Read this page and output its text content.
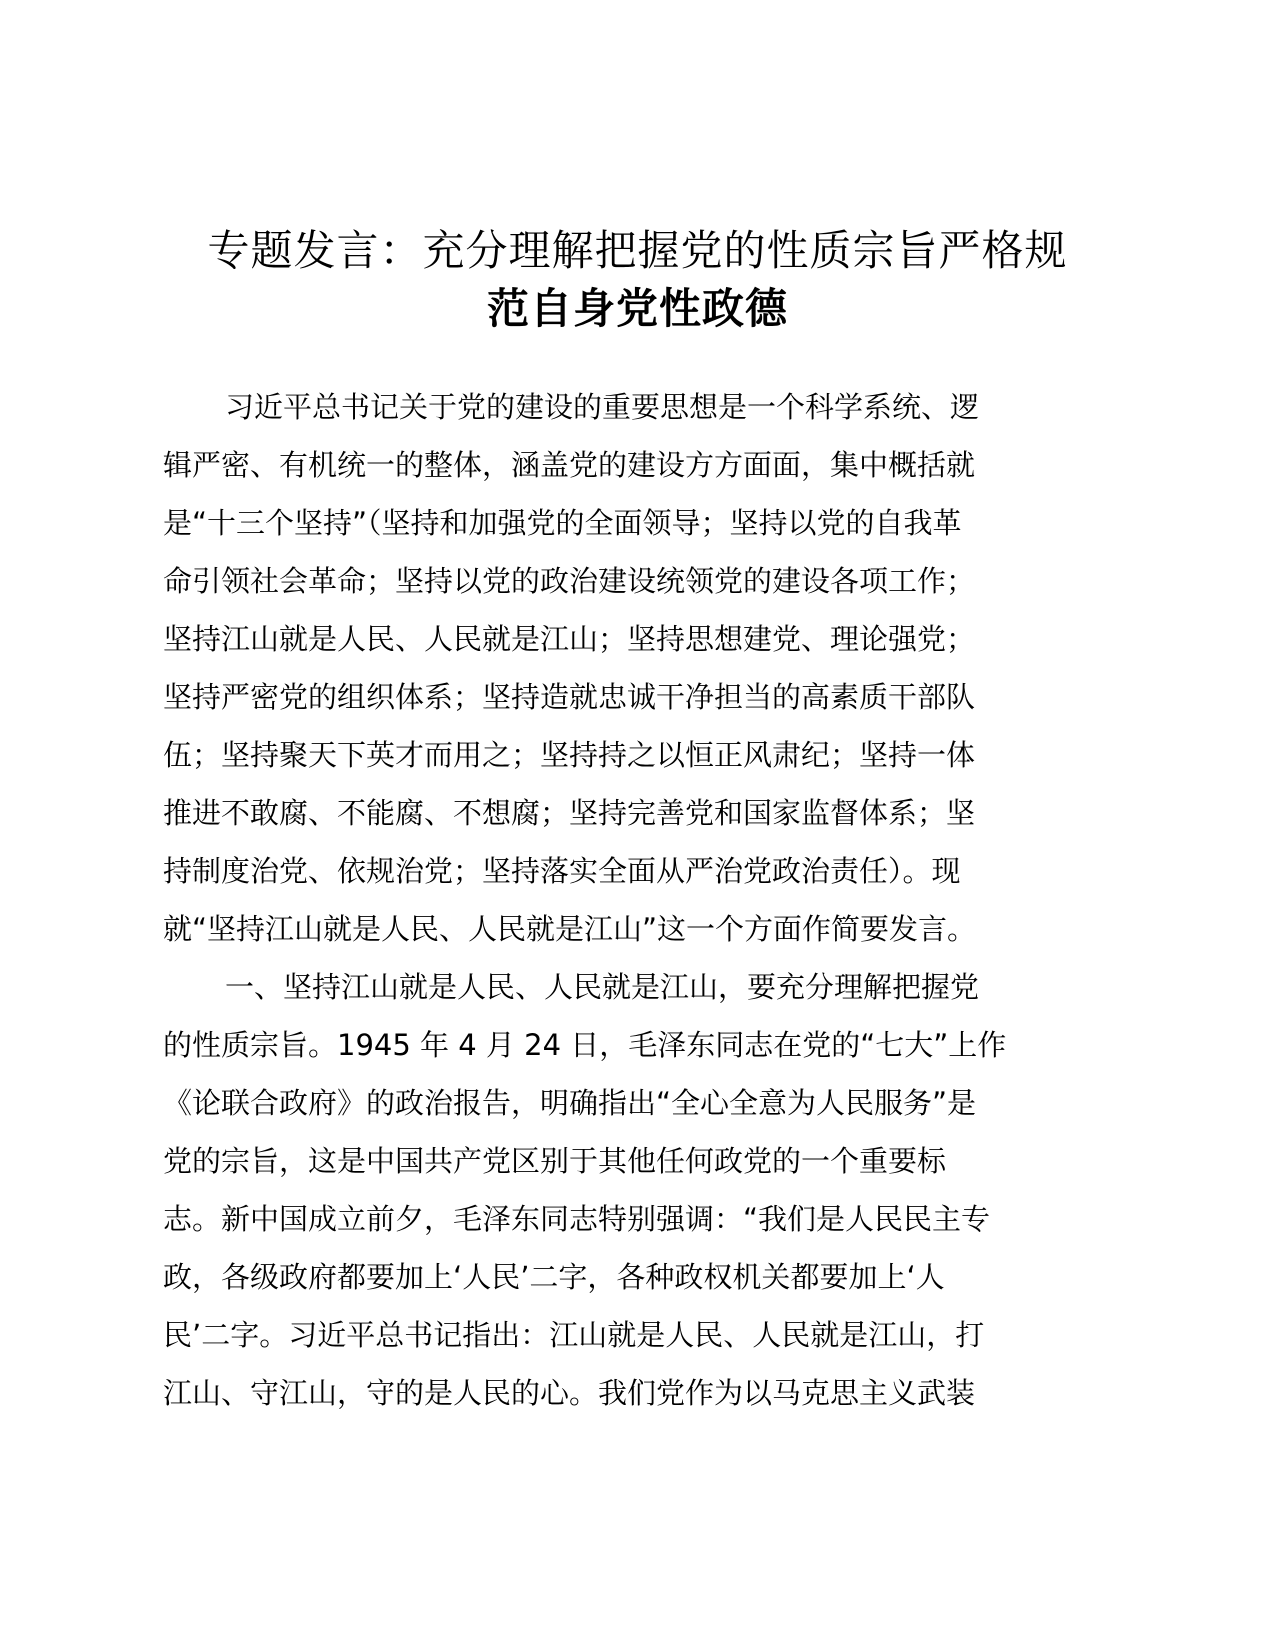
专题发言：充分理解把握党的性质宗旨严格规
范自身党性政德
习近平总书记关于党的建设的重要思想是一个科学系统、逻
辑严密、有机统一的整体，涵盖党的建设方方面面，集中概括就
是“十三个坚持”（坚持和加强党的全面领导；坚持以党的自我革
命引领社会革命；坚持以党的政治建设统领党的建设各项工作；
坚持江山就是人民、人民就是江山；坚持思想建党、理论强党；
坚持严密党的组织体系；坚持造就忠诚干净担当的高素质干部队
伍；坚持聚天下英才而用之；坚持持之以恒正风肃纪；坚持一体
推进不敢腐、不能腐、不想腐；坚持完善党和国家监督体系；坚
持制度治党、依规治党；坚持落实全面从严治党政治责任）。现
就“坚持江山就是人民、人民就是江山”这一个方面作简要发言。
一、坚持江山就是人民、人民就是江山，要充分理解把握党
的性质宗旨。1945 年 4 月 24 日，毛泽东同志在党的“七大”上作
《论联合政府》的政治报告，明确指出“全心全意为人民服务”是
党的宗旨，这是中国共产党区别于其他任何政党的一个重要标
志。新中国成立前夕，毛泽东同志特别强调：“我们是人民民主专
政，各级政府都要加上‘人民’二字，各种政权机关都要加上‘人
民’二字。习近平总书记指出：江山就是人民、人民就是江山，打
江山、守江山，守的是人民的心。我们党作为以马克思主义武装
